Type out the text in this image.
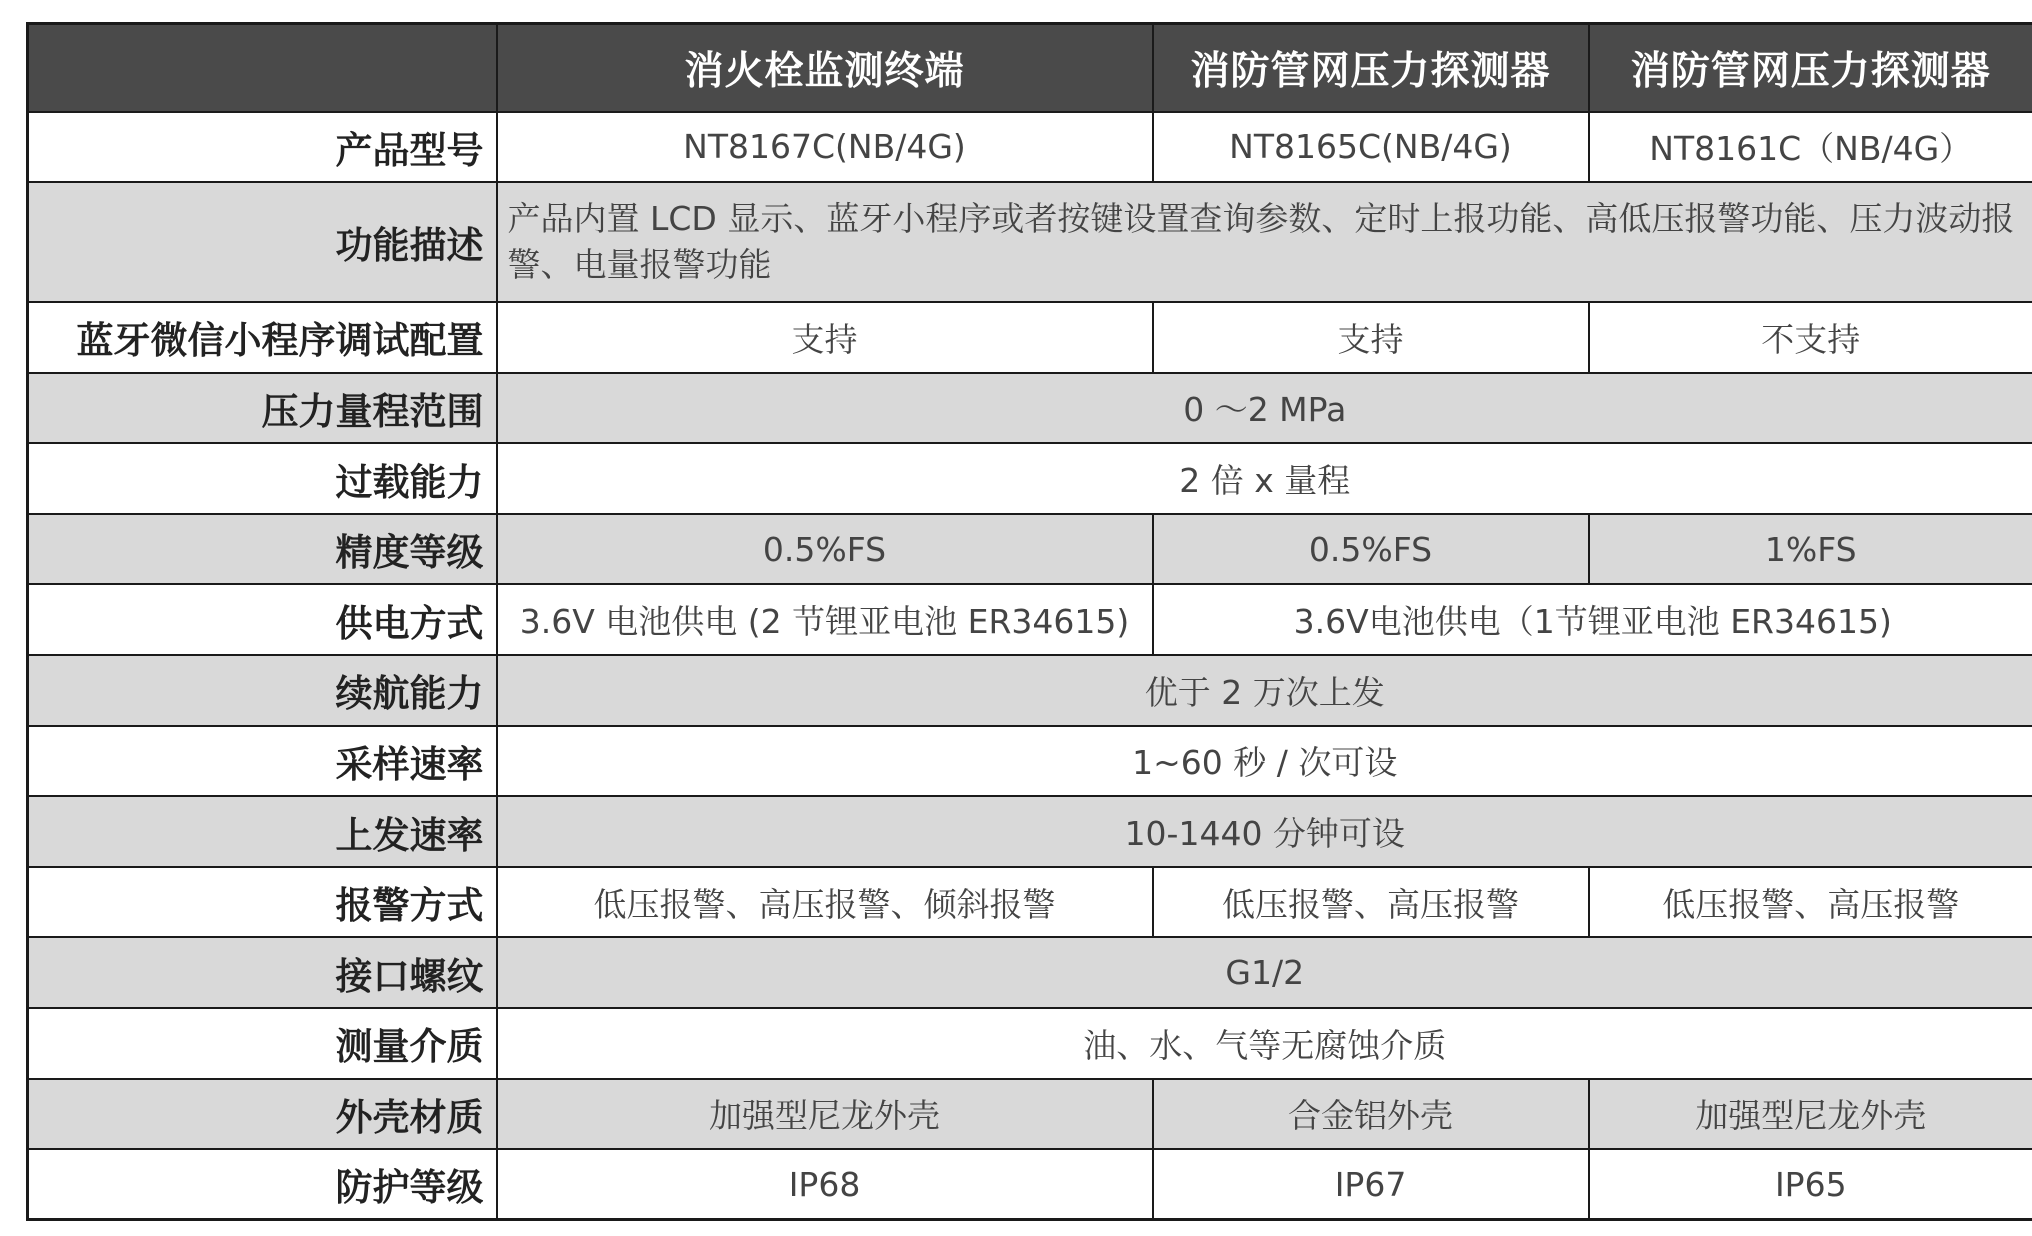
	消火栓监测终端	消防管网压力探测器	消防管网压力探测器
产品型号	NT8167C(NB/4G)	NT8165C(NB/4G)	NT8161C（NB/4G）
功能描述	产品内置 LCD 显示、蓝牙小程序或者按键设置查询参数、定时上报功能、高低压报警功能、压力波动报警、电量报警功能		
蓝牙微信小程序调试配置	支持	支持	不支持
压力量程范围	0 ～2 MPa		
过载能力	2 倍 x 量程		
精度等级	0.5%FS	0.5%FS	1%FS
供电方式	3.6V 电池供电 (2 节锂亚电池 ER34615)	3.6V电池供电（1节锂亚电池 ER34615)	
续航能力	优于 2 万次上发		
采样速率	1~60 秒 / 次可设		
上发速率	10-1440 分钟可设		
报警方式	低压报警、高压报警、倾斜报警	低压报警、高压报警	低压报警、高压报警
接口螺纹	G1/2		
测量介质	油、水、气等无腐蚀介质		
外壳材质	加强型尼龙外壳	合金铝外壳	加强型尼龙外壳
防护等级	IP68	IP67	IP65
